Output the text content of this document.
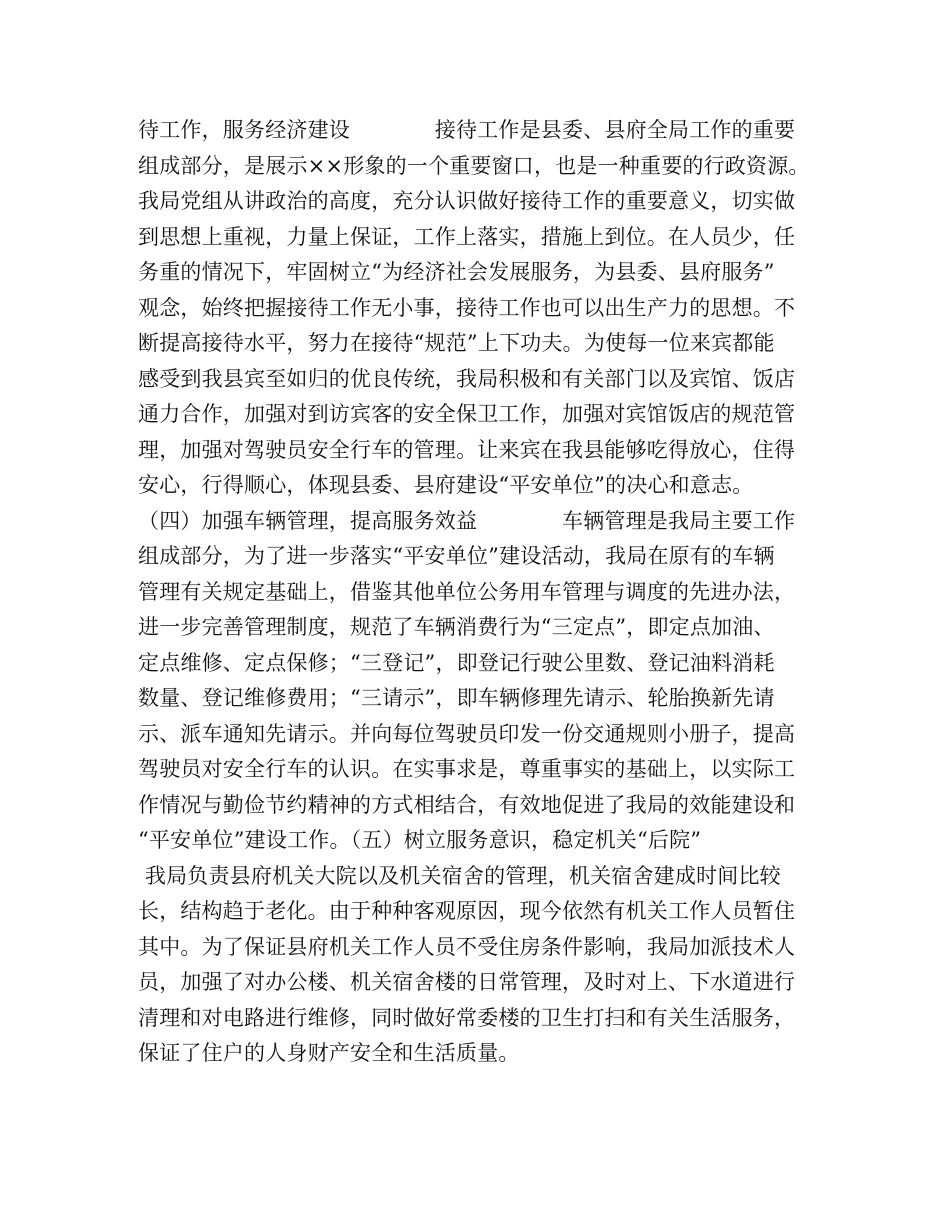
待工作，服务经济建设　　　　接待工作是县委、县府全局工作的重要
组成部分，是展示××形象的一个重要窗口，也是一种重要的行政资源。
我局党组从讲政治的高度，充分认识做好接待工作的重要意义，切实做
到思想上重视，力量上保证，工作上落实，措施上到位。在人员少，任
务重的情况下，牢固树立“为经济社会发展服务，为县委、县府服务”
观念，始终把握接待工作无小事，接待工作也可以出生产力的思想。不
断提高接待水平，努力在接待“规范”上下功夫。为使每一位来宾都能
感受到我县宾至如归的优良传统，我局积极和有关部门以及宾馆、饭店
通力合作，加强对到访宾客的安全保卫工作，加强对宾馆饭店的规范管
理，加强对驾驶员安全行车的管理。让来宾在我县能够吃得放心，住得
安心，行得顺心，体现县委、县府建设“平安单位”的决心和意志。
（四）加强车辆管理，提高服务效益　　　　车辆管理是我局主要工作
组成部分，为了进一步落实“平安单位”建设活动，我局在原有的车辆
管理有关规定基础上，借鉴其他单位公务用车管理与调度的先进办法，
进一步完善管理制度，规范了车辆消费行为“三定点”，即定点加油、
定点维修、定点保修；“三登记”，即登记行驶公里数、登记油料消耗
数量、登记维修费用；“三请示”，即车辆修理先请示、轮胎换新先请
示、派车通知先请示。并向每位驾驶员印发一份交通规则小册子，提高
驾驶员对安全行车的认识。在实事求是，尊重事实的基础上，以实际工
作情况与勤俭节约精神的方式相结合，有效地促进了我局的效能建设和
“平安单位”建设工作。（五）树立服务意识，稳定机关“后院”
我局负责县府机关大院以及机关宿舍的管理，机关宿舍建成时间比较
长，结构趋于老化。由于种种客观原因，现今依然有机关工作人员暂住
其中。为了保证县府机关工作人员不受住房条件影响，我局加派技术人
员，加强了对办公楼、机关宿舍楼的日常管理，及时对上、下水道进行
清理和对电路进行维修，同时做好常委楼的卫生打扫和有关生活服务，
保证了住户的人身财产安全和生活质量。
